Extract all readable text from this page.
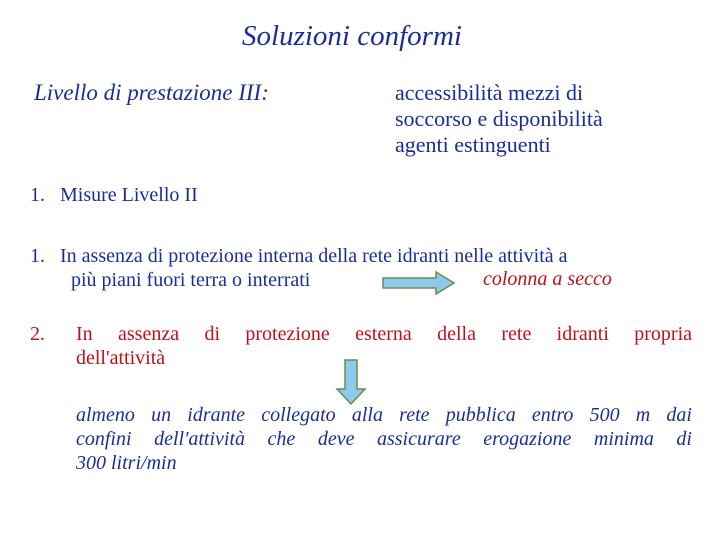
Soluzioni conformi
Livello di prestazione III:	accessibilità mezzi di
soccorso e disponibilità
agenti estinguenti
1. Misure Livello II
1. In assenza di protezione interna della rete idranti nelle attività a
più piani fuori terra o interrati	colonna a secco
2. In assenza di protezione esterna della rete idranti propria
dell'attività
almeno un idrante collegato alla rete pubblica entro 500 m dai
confini dell'attività che deve assicurare erogazione minima di
300 litri/min
